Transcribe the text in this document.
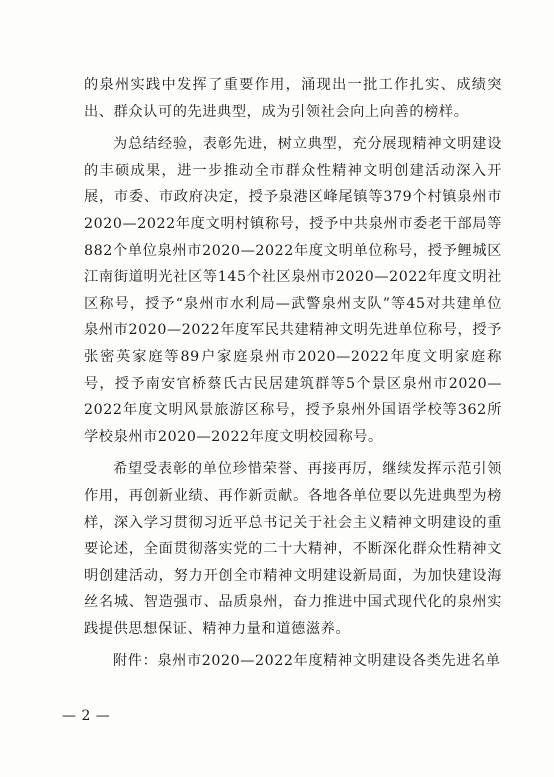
的泉州实践中发挥了重要作用，涌现出一批工作扎实、成绩突出、群众认可的先进典型，成为引领社会向上向善的榜样。

为总结经验，表彰先进，树立典型，充分展现精神文明建设的丰硕成果，进一步推动全市群众性精神文明创建活动深入开展，市委、市政府决定，授予泉港区峰尾镇等379个村镇泉州市2020—2022年度文明村镇称号，授予中共泉州市委老干部局等882个单位泉州市2020—2022年度文明单位称号，授予鲤城区江南街道明光社区等145个社区泉州市2020—2022年度文明社区称号，授予“泉州市水利局—武警泉州支队”等45对共建单位泉州市2020—2022年度军民共建精神文明先进单位称号，授予张密英家庭等89户家庭泉州市2020—2022年度文明家庭称号，授予南安官桥蔡氏古民居建筑群等5个景区泉州市2020—2022年度文明风景旅游区称号，授予泉州外国语学校等362所学校泉州市2020—2022年度文明校园称号。

希望受表彰的单位珍惜荣誉、再接再厉，继续发挥示范引领作用，再创新业绩、再作新贡献。各地各单位要以先进典型为榜样，深入学习贯彻习近平总书记关于社会主义精神文明建设的重要论述，全面贯彻落实党的二十大精神，不断深化群众性精神文明创建活动，努力开创全市精神文明建设新局面，为加快建设海丝名城、智造强市、品质泉州，奋力推进中国式现代化的泉州实践提供思想保证、精神力量和道德滋养。

附件：泉州市2020—2022年度精神文明建设各类先进名单

— 2 —
